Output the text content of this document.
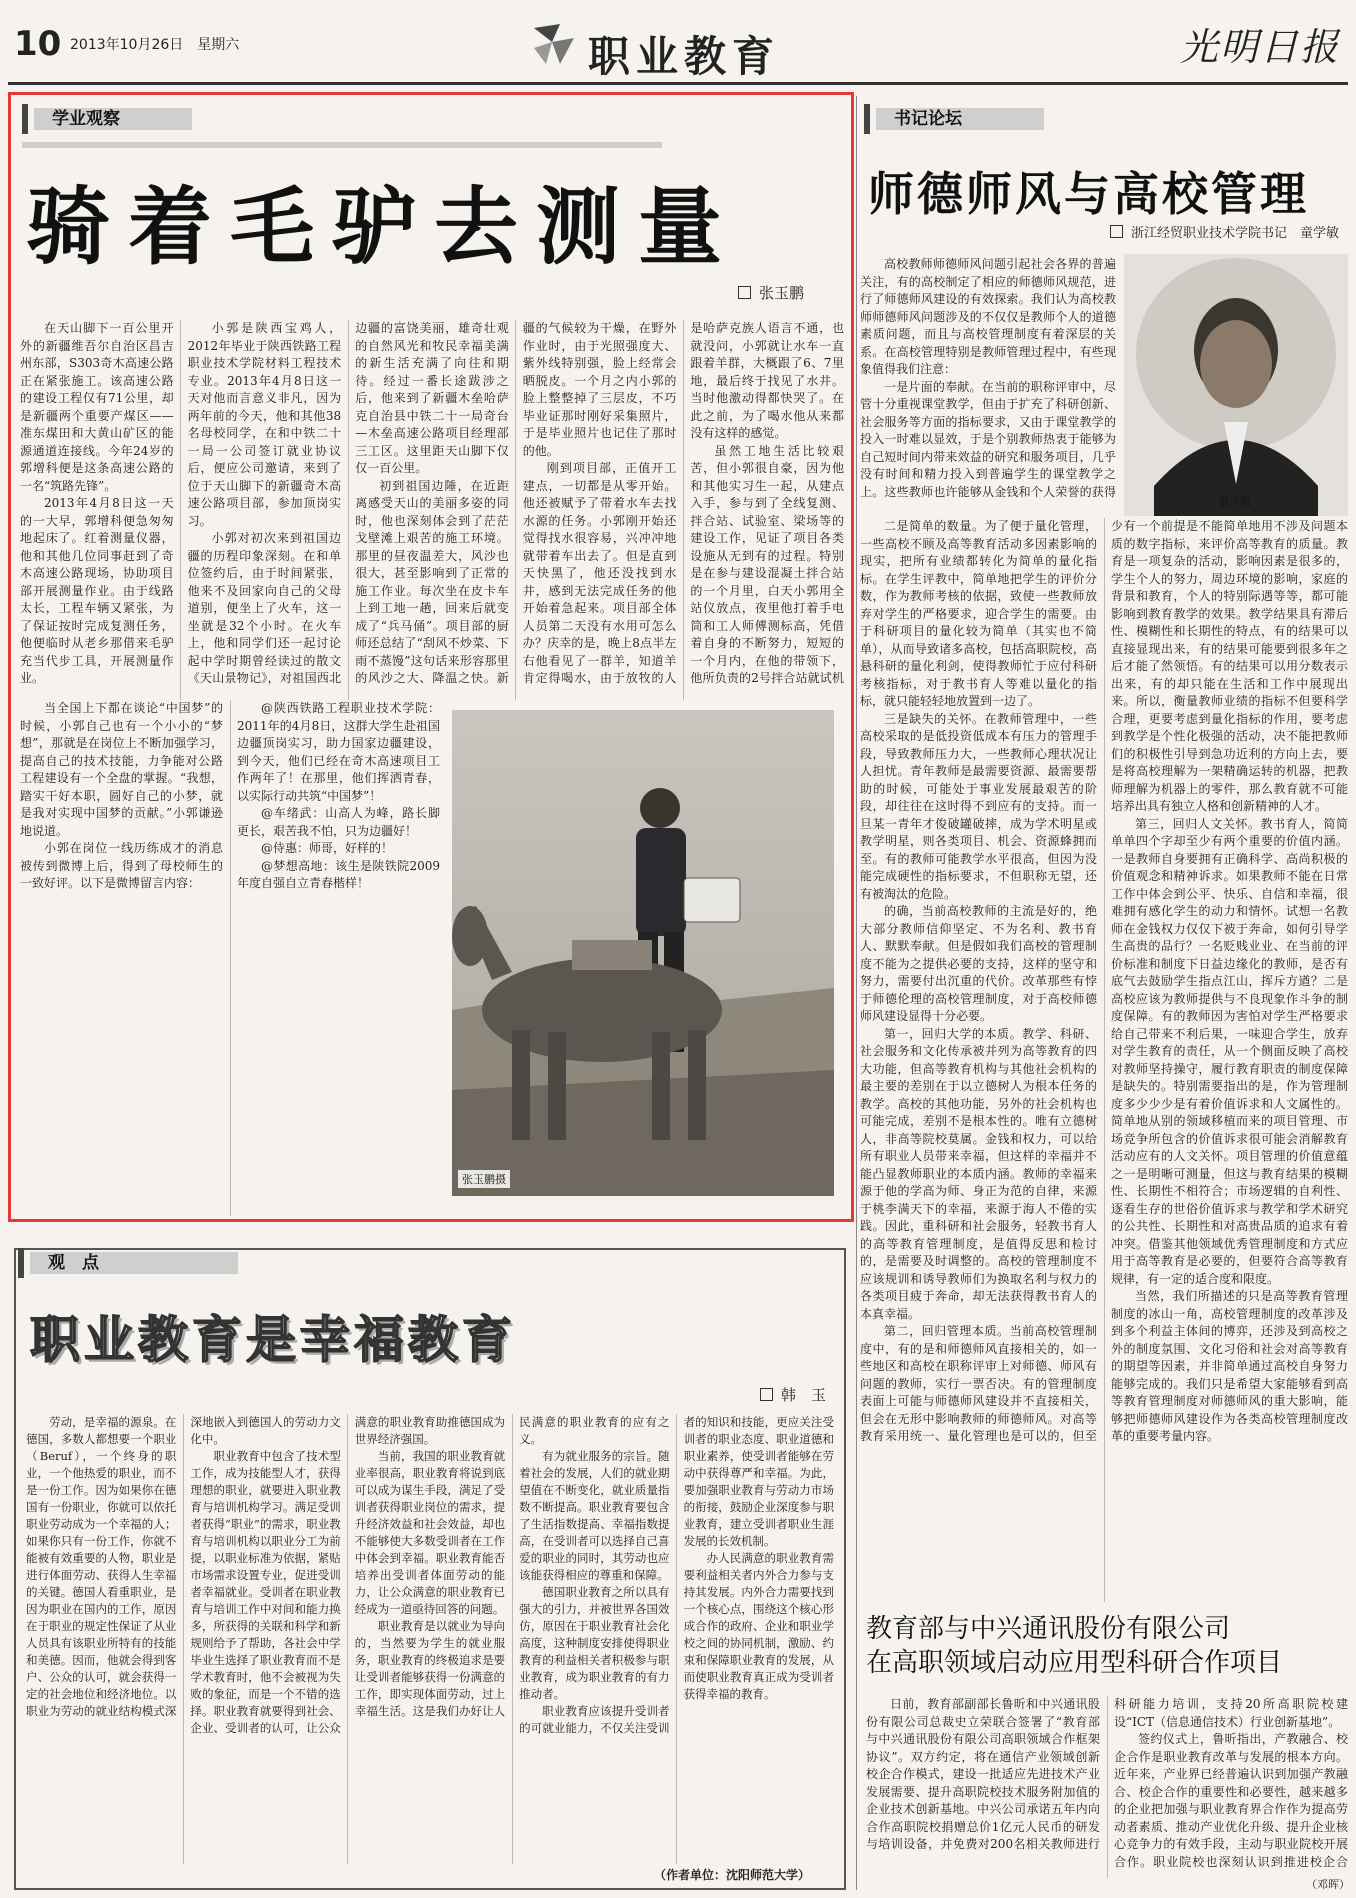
10 2013年10月26日　星期六	职业教育	光明日报
学业观察
骑着毛驴去测量
张玉鹏

在天山脚下一百公里开外的新疆维吾尔自治区昌吉州东部，S303奇木高速公路正在紧张施工。该高速公路的建设工程仅有71公里，却是新疆两个重要产煤区——准东煤田和大黄山矿区的能源通道连接线。今年24岁的郭增科便是这条高速公路的一名“筑路先锋”。

2013年4月8日这一天的一大早，郭增科便急匆匆地起床了。红着测量仪器，他和其他几位同事赶到了奇木高速公路现场，协助项目部开展测量作业。由于线路太长，工程车辆又紧张，为了保证按时完成复测任务，他便临时从老乡那借来毛驴充当代步工具，开展测量作业。

小郭是陕西宝鸡人，2012年毕业于陕西铁路工程职业技术学院材料工程技术专业。2013年4月8日这一天对他而言意义非凡，因为两年前的今天，他和其他38名母校同学，在和中铁二十一局一公司签订就业协议后，便应公司邀请，来到了位于天山脚下的新疆奇木高速公路项目部，参加顶岗实习。

小郭对初次来到祖国边疆的历程印象深刻。在和单位签约后，由于时间紧张，他来不及回家向自己的父母道别，便坐上了火车，这一坐就是32个小时。在火车上，他和同学们还一起讨论起中学时期曾经读过的散文《天山景物记》，对祖国西北边疆的富饶美丽，雄奇壮观的自然风光和牧民幸福美满的新生活充满了向往和期待。经过一番长途跋涉之后，他来到了新疆木垒哈萨克自治县中铁二十一局奇台—木垒高速公路项目经理部三工区。这里距天山脚下仅仅一百公里。

初到祖国边陲，在近距离感受天山的美丽多姿的同时，他也深刻体会到了茫茫戈壁滩上艰苦的施工环境。那里的昼夜温差大，风沙也很大，甚至影响到了正常的施工作业。每次坐在皮卡车上到工地一趟，回来后就变成了“兵马俑”。项目部的厨师还总结了“刮风不炒菜、下雨不蒸馒”这句话来形容那里的风沙之大、降温之快。新疆的气候较为干燥，在野外作业时，由于光照强度大、紫外线特别强，脸上经常会晒脱皮。一个月之内小郭的脸上整整掉了三层皮，不巧毕业证那时刚好采集照片，于是毕业照片也记住了那时的他。

刚到项目部，正值开工建点，一切都是从零开始。他还被赋予了带着水车去找水源的任务。小郭刚开始还觉得找水很容易，兴冲冲地就带着车出去了。但是直到天快黑了，他还没找到水井，感到无法完成任务的他开始着急起来。项目部全体人员第二天没有水用可怎么办？庆幸的是，晚上8点半左右他看见了一群羊，知道羊肯定得喝水，由于放牧的人是哈萨克族人语言不通，也就没问，小郭就让水车一直跟着羊群，大概跟了6、7里地，最后终于找见了水井。当时他激动得都快哭了。在此之前，为了喝水他从来都没有这样的感觉。

虽然工地生活比较艰苦，但小郭很自豪，因为他和其他实习生一起，从建点入手，参与到了全线复测、拌合站、试验室、梁场等的建设工作，见证了项目各类设施从无到有的过程。特别是在参与建设混凝土拌合站的一个月里，白天小郭用全站仪放点，夜里他打着手电筒和工人师傅测标高，凭借着自身的不断努力，短短的一个月内，在他的带领下，他所负责的2号拌合站就试机

当全国上下都在谈论“中国梦”的时候，小郭自己也有一个小小的“梦想”，那就是在岗位上不断加强学习，提高自己的技术技能，力争能对公路工程建设有一个全盘的掌握。“我想，踏实干好本职，圆好自己的小梦，就是我对实现中国梦的贡献。”小郭谦逊地说道。

小郭在岗位一线历练成才的消息被传到微博上后，得到了母校师生的一致好评。以下是微博留言内容：

@陕西铁路工程职业技术学院：2011年的4月8日，这群大学生赴祖国边疆顶岗实习，助力国家边疆建设，到今天，他们已经在奇木高速项目工作两年了！在那里，他们挥洒青春，以实际行动共筑“中国梦”！

@车绪武：山高人为峰，路长脚更长，艰苦我不怕，只为边疆好！

@侍惠：师哥，好样的！

@梦想高地：该生是陕铁院2009年度自强自立青春楷样！

张玉鹏摄
书记论坛
师德师风与高校管理
浙江经贸职业技术学院书记　童学敏
童学敏

高校教师师德师风问题引起社会各界的普遍关注，有的高校制定了相应的师德师风规范，进行了师德师风建设的有效探索。我们认为高校教师师德师风问题涉及的不仅仅是教师个人的道德素质问题，而且与高校管理制度有着深层的关系。在高校管理特别是教师管理过程中，有些现象值得我们注意：

一是片面的奉献。在当前的职称评审中，尽管十分重视课堂教学，但由于扩充了科研创新、社会服务等方面的指标要求，又由于课堂教学的投入一时难以显效，于是个别教师热衷于能够为自己短时间内带来效益的研究和服务项目，几乎没有时间和精力投入到普遍学生的课堂教学之上。这些教师也许能够从金钱和个人荣誉的获得

二是简单的数量。为了便于量化管理，一些高校不顾及高等教育活动多因素影响的现实，把所有业绩都转化为简单的量化指标。在学生评教中，简单地把学生的评价分数，作为教师考核的依据，致使一些教师放弃对学生的严格要求，迎合学生的需要。由于科研项目的量化较为简单（其实也不简单），从而导致诸多高校，包括高职院校，高悬科研的量化利剑，使得教师忙于应付科研考核指标，对于教书育人等难以量化的指标，就只能轻轻地放置到一边了。

三是缺失的关怀。在教师管理中，一些高校采取的是低投资低成本有压力的管理手段，导致教师压力大，一些教师心理状况让人担忧。青年教师是最需要资源、最需要帮助的时候，可能处于事业发展最艰苦的阶段，却往往在这时得不到应有的支持。而一旦某一青年才俊破罐破摔，成为学术明星或教学明星，则各类项目、机会、资源蜂拥而至。有的教师可能教学水平很高，但因为没能完成硬性的指标要求，不但职称无望，还有被淘汰的危险。

的确，当前高校教师的主流是好的，绝大部分教师信仰坚定、不为名利、教书育人、默默奉献。但是假如我们高校的管理制度不能为之提供必要的支持，这样的坚守和努力，需要付出沉重的代价。改革那些有悖于师德伦理的高校管理制度，对于高校师德师风建设显得十分必要。

第一，回归大学的本质。教学、科研、社会服务和文化传承被并列为高等教育的四大功能，但高等教育机构与其他社会机构的最主要的差别在于以立德树人为根本任务的教学。高校的其他功能，另外的社会机构也可能完成，差别不是根本性的。唯有立德树人，非高等院校莫属。金钱和权力，可以给所有职业人员带来幸福，但这样的幸福并不能凸显教师职业的本质内涵。教师的幸福来源于他的学高为师、身正为范的自律，来源于桃李满天下的幸福，来源于海人不倦的实践。因此，重科研和社会服务，轻教书育人的高等教育管理制度，是值得反思和检讨的，是需要及时调整的。高校的管理制度不应该规训和诱导教师们为换取名利与权力的各类项目疲于奔命，却无法获得教书育人的本真幸福。

第二，回归管理本质。当前高校管理制度中，有的是和师德师风直接相关的，如一些地区和高校在职称评审上对师德、师风有问题的教师，实行一票否决。有的管理制度表面上可能与师德师风建设并不直接相关，但会在无形中影响教师的师德师风。对高等教育采用统一、量化管理也是可以的，但至少有一个前提是不能简单地用不涉及问题本质的数字指标，来评价高等教育的质量。教育是一项复杂的活动，影响因素是很多的，学生个人的努力，周边环境的影响，家庭的背景和教育，个人的特别际遇等等，都可能影响到教育教学的效果。教学结果具有滞后性、模糊性和长期性的特点，有的结果可以直接显现出来，有的结果可能要到很多年之后才能了然领悟。有的结果可以用分数表示出来，有的却只能在生活和工作中展现出来。所以，衡量教师业绩的指标不但要科学合理，更要考虑到量化指标的作用，要考虑到教学是个性化极强的活动，决不能把教师们的积极性引导到急功近利的方向上去，要是将高校理解为一架精确运转的机器，把教师理解为机器上的零件，那么教育就不可能培养出具有独立人格和创新精神的人才。

第三，回归人文关怀。教书育人，简简单单四个字却至少有两个重要的价值内涵。一是教师自身要拥有正确科学、高尚积极的价值观念和精神诉求。如果教师不能在日常工作中体会到公平、快乐、自信和幸福，很难拥有感化学生的动力和情怀。试想一名教师在金钱权力仅仅下被于奔命，如何引导学生高贵的品行？一名贬贱业业、在当前的评价标准和制度下日益边缘化的教师，是否有底气去鼓励学生指点江山，挥斥方遒？二是高校应该为教师提供与不良现象作斗争的制度保障。有的教师因为害怕对学生严格要求给自己带来不利后果，一味迎合学生，放弃对学生教育的责任，从一个侧面反映了高校对教师坚持操守，履行教育职责的制度保障是缺失的。特别需要指出的是，作为管理制度多少少少是有着价值诉求和人文属性的。简单地从别的领域移植而来的项目管理、市场竞争所包含的价值诉求很可能会消解教育活动应有的人文关怀。项目管理的价值意蕴之一是明晰可测量，但这与教育结果的模糊性、长期性不相符合；市场逻辑的自利性、逐看生存的世俗价值诉求与教学和学术研究的公共性、长期性和对高贵品质的追求有着冲突。借鉴其他领域优秀管理制度和方式应用于高等教育是必要的，但要符合高等教育规律，有一定的适合度和限度。

当然，我们所描述的只是高等教育管理制度的冰山一角，高校管理制度的改革涉及到多个利益主体间的博弈，还涉及到高校之外的制度氛围、文化习俗和社会对高等教育的期望等因素，并非简单通过高校自身努力能够完成的。我们只是希望大家能够看到高等教育管理制度对师德师风的重大影响，能够把师德师风建设作为各类高校管理制度改革的重要考量内容。

教育部与中兴通讯股份有限公司
在高职领域启动应用型科研合作项目

日前，教育部副部长鲁昕和中兴通讯股份有限公司总裁史立荣联合签署了“教育部与中兴通讯股份有限公司高职领域合作框架协议”。双方约定，将在通信产业领域创新校企合作模式，建设一批适应先进技术产业发展需要、提升高职院校技术服务附加值的企业技术创新基地。中兴公司承诺五年内向合作高职院校捐赠总价1亿元人民币的研发与培训设备，并免费对200名相关教师进行科研能力培训，支持20所高职院校建设“ICT（信息通信技术）行业创新基地”。

签约仪式上，鲁昕指出，产教融合、校企合作是职业教育改革与发展的根本方向。近年来，产业界已经普遍认识到加强产教融合、校企合作的重要性和必要性，越来越多的企业把加强与职业教育界合作作为提高劳动者素质、推动产业优化升级、提升企业核心竞争力的有效手段，主动与职业院校开展合作。职业院校也深刻认识到推进校企合

（邓晖）
观　点
职业教育是幸福教育
韩　玉

劳动，是幸福的源泉。在德国，多数人都想要一个职业（Beruf），一个终身的职业，一个他热爱的职业，而不是一份工作。因为如果你在德国有一份职业，你就可以依托职业劳动成为一个幸福的人；如果你只有一份工作，你就不能被有效重要的人物，职业是进行体面劳动、获得人生幸福的关键。德国人看重职业，是因为职业在国内的工作，原因在于职业的规定性保证了从业人员具有该职业所特有的技能和美德。因而，他就会得到客户、公众的认可，就会获得一定的社会地位和经济地位。以职业为劳动的就业结构模式深深地嵌入到德国人的劳动力文化中。

职业教育中包含了技术型工作，成为技能型人才，获得理想的职业，就要进入职业教育与培训机构学习。满足受训者获得“职业”的需求，职业教育与培训机构以职业分工为前提，以职业标准为依据，紧贴市场需求设置专业，促进受训者幸福就业。受训者在职业教育与培训工作中对间和能力换多，所获得的关联和科学和新规则给予了帮助，各社会中学毕业生选择了职业教育而不是学术教育时，他不会被视为失败的象征，而是一个不错的选择。职业教育就要得到社会、企业、受训者的认可，让公众满意的职业教育助推德国成为世界经济强国。

当前，我国的职业教育就业率很高，职业教育将说到底可以成为谋生手段，满足了受训者获得职业岗位的需求，提升经济效益和社会效益，却也不能够使大多数受训者在工作中体会到幸福。职业教育能否培养出受训者体面劳动的能力，让公众满意的职业教育已经成为一道亟待回答的问题。

职业教育是以就业为导向的，当然要为学生的就业服务，职业教育的终极追求是要让受训者能够获得一份满意的工作，即实现体面劳动，过上幸福生活。这是我们办好让人民满意的职业教育的应有之义。

有为就业服务的宗旨。随着社会的发展，人们的就业期望值在不断变化，就业质量指数不断提高。职业教育要包含了生活指数提高、幸福指数提高，在受训者可以选择自己喜爱的职业的同时，其劳动也应该能获得相应的尊重和保障。

德国职业教育之所以具有强大的引力，并被世界各国效仿，原因在于职业教育社会化高度，这种制度安排使得职业教育的利益相关者积极参与职业教育，成为职业教育的有力推动者。

职业教育应该提升受训者的可就业能力，不仅关注受训者的知识和技能，更应关注受训者的职业态度、职业道德和职业素养，使受训者能够在劳动中获得尊严和幸福。为此，要加强职业教育与劳动力市场的衔接，鼓励企业深度参与职业教育，建立受训者职业生涯发展的长效机制。

办人民满意的职业教育需要利益相关者内外合力参与支持其发展。内外合力需要找到一个核心点，围绕这个核心形成合作的政府、企业和职业学校之间的协同机制，激励、约束和保障职业教育的发展，从而使职业教育真正成为受训者获得幸福的教育。

（作者单位：沈阳师范大学）
